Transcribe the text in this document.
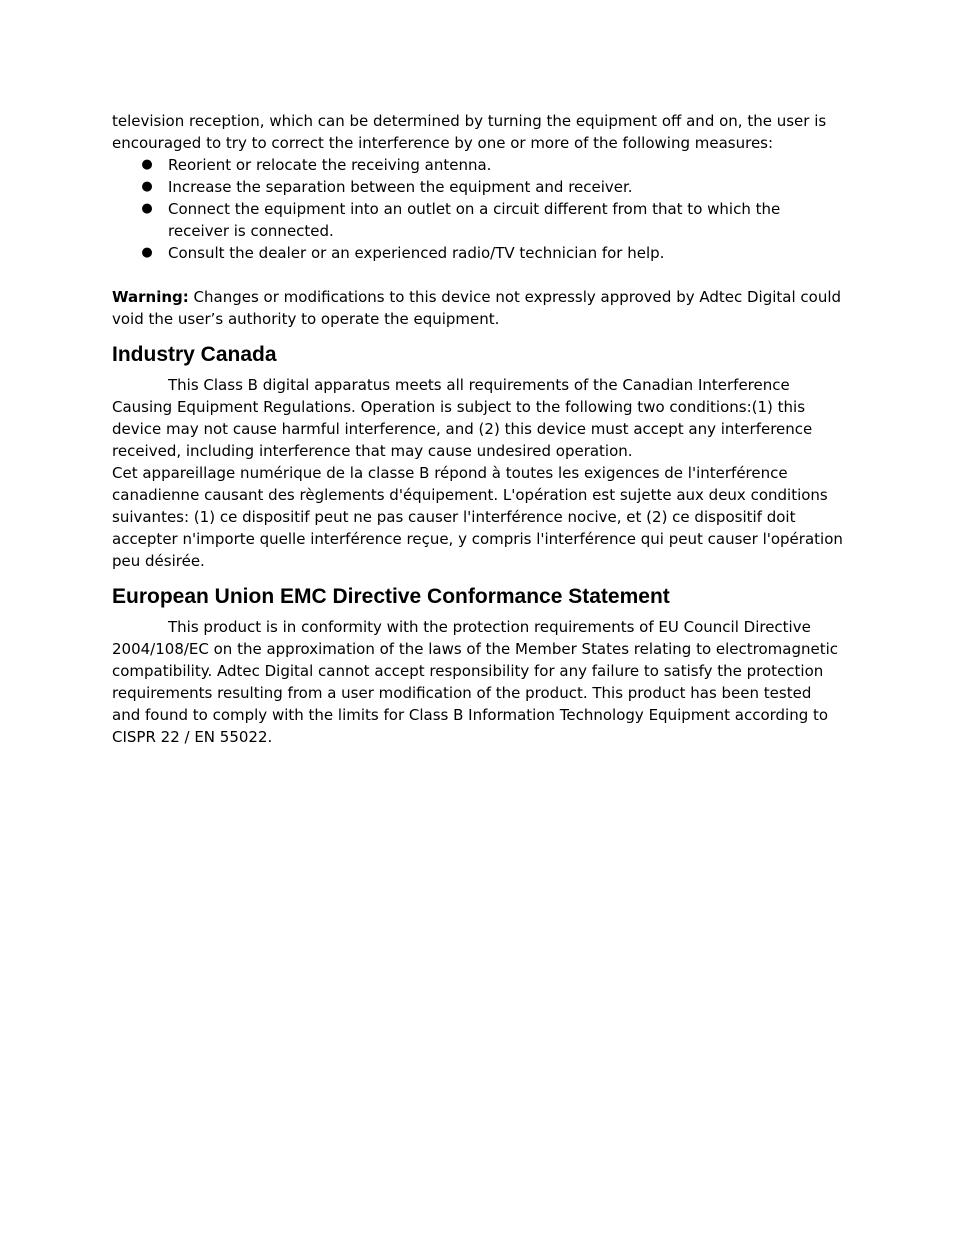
television reception, which can be determined by turning the equipment off and on, the user is encouraged to try to correct the interference by one or more of the following measures:

● Reorient or relocate the receiving antenna.
● Increase the separation between the equipment and receiver.
● Connect the equipment into an outlet on a circuit different from that to which the receiver is connected.
● Consult the dealer or an experienced radio/TV technician for help.

Warning: Changes or modifications to this device not expressly approved by Adtec Digital could void the user’s authority to operate the equipment.

Industry Canada

This Class B digital apparatus meets all requirements of the Canadian Interference Causing Equipment Regulations. Operation is subject to the following two conditions:(1) this device may not cause harmful interference, and (2) this device must accept any interference received, including interference that may cause undesired operation.

Cet appareillage numérique de la classe B répond à toutes les exigences de l'interférence canadienne causant des règlements d'équipement. L'opération est sujette aux deux conditions suivantes: (1) ce dispositif peut ne pas causer l'interférence nocive, et (2) ce dispositif doit accepter n'importe quelle interférence reçue, y compris l'interférence qui peut causer l'opération peu désirée.

European Union EMC Directive Conformance Statement

This product is in conformity with the protection requirements of EU Council Directive 2004/108/EC on the approximation of the laws of the Member States relating to electromagnetic compatibility. Adtec Digital cannot accept responsibility for any failure to satisfy the protection requirements resulting from a user modification of the product. This product has been tested and found to comply with the limits for Class B Information Technology Equipment according to CISPR 22 / EN 55022.
